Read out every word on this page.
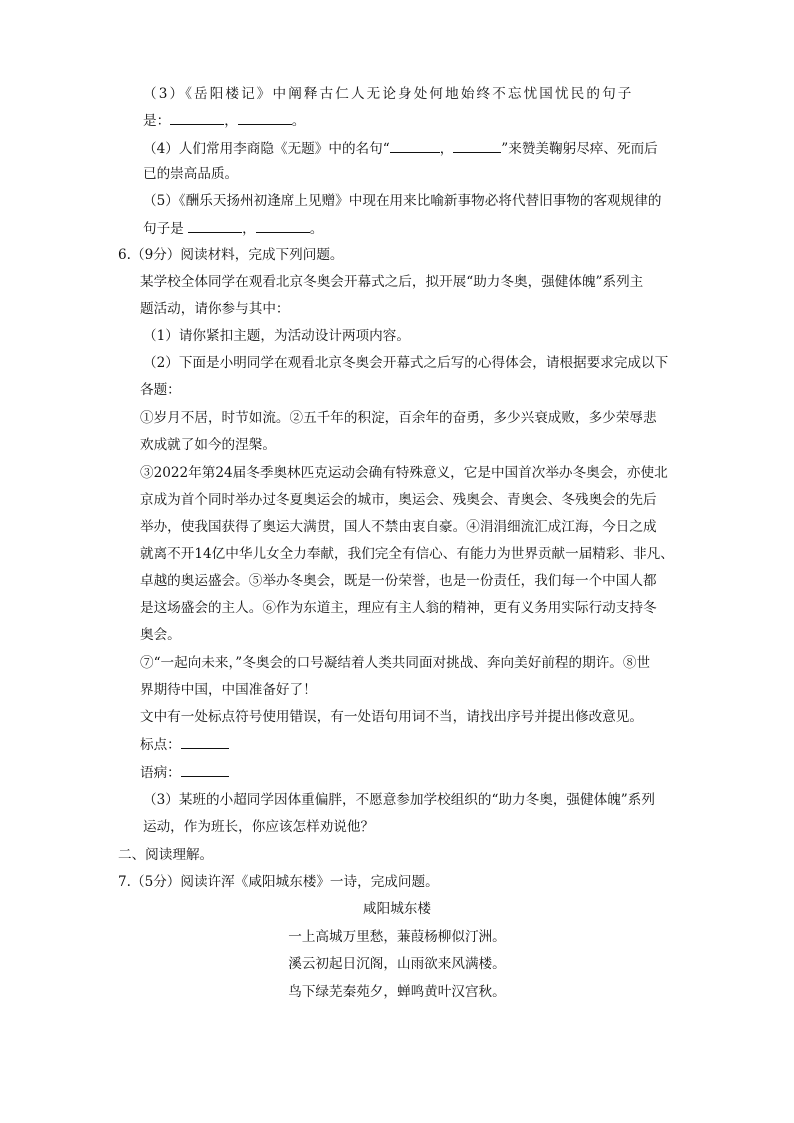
（3）《岳阳楼记》中阐释古仁人无论身处何地始终不忘忧国忧民的句子
是：	，	。
（4）人们常用李商隐《无题》中的名句“	，	”来赞美鞠躬尽瘁、死而后
已的崇高品质。
（5）《酬乐天扬州初逢席上见赠》中现在用来比喻新事物必将代替旧事物的客观规律的
句子是	，	。
6.（9分）阅读材料，完成下列问题。
某学校全体同学在观看北京冬奥会开幕式之后，拟开展“助力冬奥，强健体魄”系列主
题活动，请你参与其中：
（1）请你紧扣主题，为活动设计两项内容。
（2）下面是小明同学在观看北京冬奥会开幕式之后写的心得体会，请根据要求完成以下
各题：
①岁月不居，时节如流。②五千年的积淀，百余年的奋勇，多少兴衰成败，多少荣辱悲
欢成就了如今的涅槃。
③2022年第24届冬季奥林匹克运动会确有特殊意义，它是中国首次举办冬奥会，亦使北
京成为首个同时举办过冬夏奥运会的城市，奥运会、残奥会、青奥会、冬残奥会的先后
举办，使我国获得了奥运大满贯，国人不禁由衷自豪。④涓涓细流汇成江海，今日之成
就离不开14亿中华儿女全力奉献，我们完全有信心、有能力为世界贡献一届精彩、非凡、
卓越的奥运盛会。⑤举办冬奥会，既是一份荣誉，也是一份责任，我们每一个中国人都
是这场盛会的主人。⑥作为东道主，理应有主人翁的精神，更有义务用实际行动支持冬
奥会。
⑦“一起向未来，”冬奥会的口号凝结着人类共同面对挑战、奔向美好前程的期许。⑧世
界期待中国，中国准备好了！
文中有一处标点符号使用错误，有一处语句用词不当，请找出序号并提出修改意见。
标点：
语病：
（3）某班的小超同学因体重偏胖，不愿意参加学校组织的“助力冬奥，强健体魄”系列
运动，作为班长，你应该怎样劝说他？
二、阅读理解。
7.（5分）阅读许浑《咸阳城东楼》一诗，完成问题。
咸阳城东楼
一上高城万里愁，蒹葭杨柳似汀洲。
溪云初起日沉阁，山雨欲来风满楼。
鸟下绿芜秦苑夕，蝉鸣黄叶汉宫秋。
